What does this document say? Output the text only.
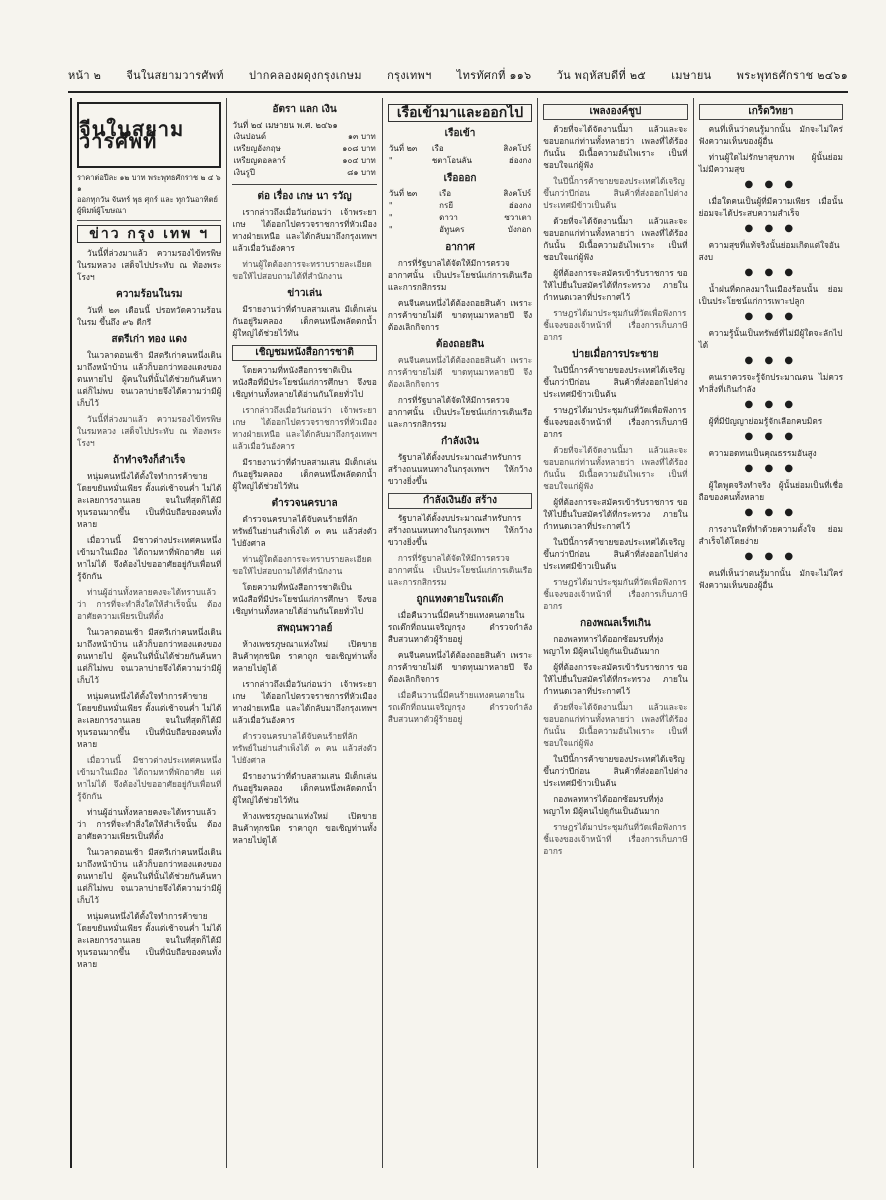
หน้า ๒ จีนในสยามวารศัพท์ ปากคลองผดุงกรุงเกษม กรุงเทพฯ ไทรทัศกที่ ๑๑๖ วัน พฤหัสบดีที่ ๒๕ เมษายน พระพุทธศักราช ๒๔๖๑
จีนในสยามวารศัพท์
ราคาต่อปีละ ๑๒ บาท พระพุทธศักราช ๒ ๔ ๖ ๑
ออกทุกวัน จันทร์ พุธ ศุกร์ และ ทุกวันอาทิตย์
ผู้พิมพ์ผู้โฆษณา
ข่าว กรุง เทพ ฯ

วันนี้ที่ล่วงมาแล้ว ความรองไข้ทรพิษในรมหลวง เสด็จไปประทับ ณ ท้องพระโรงฯ

ความร้อนในรม

วันที่ ๒๓ เดือนนี้ ปรอทวัดความร้อนในรม ขึ้นถึง ๙๖ ดีกรี

สตรีเก่า ทอง แดง

ในเวลาตอนเช้า มีสตรีเก่าคนหนึ่งเดินมาถึงหน้าบ้าน แล้วก็บอกว่าทองแดงของตนหายไป ผู้คนในที่นั้นได้ช่วยกันค้นหาแต่ก็ไม่พบ จนเวลาบ่ายจึงได้ความว่ามีผู้เก็บไว้

วันนี้ที่ล่วงมาแล้ว ความรองไข้ทรพิษในรมหลวง เสด็จไปประทับ ณ ท้องพระโรงฯ

ถ้าทำจริงก็สำเร็จ

หนุ่มคนหนึ่งได้ตั้งใจทำการค้าขายโดยขยันหมั่นเพียร ตั้งแต่เช้าจนค่ำ ไม่ได้ละเลยการงานเลย จนในที่สุดก็ได้มีทุนรอนมากขึ้น เป็นที่นับถือของคนทั้งหลาย

เมื่อวานนี้ มีชาวต่างประเทศคนหนึ่งเข้ามาในเมือง ได้ถามหาที่พักอาศัย แต่หาไม่ได้ จึงต้องไปขออาศัยอยู่กับเพื่อนที่รู้จักกัน

ท่านผู้อ่านทั้งหลายคงจะได้ทราบแล้วว่า การที่จะทำสิ่งใดให้สำเร็จนั้น ต้องอาศัยความเพียรเป็นที่ตั้ง

ในเวลาตอนเช้า มีสตรีเก่าคนหนึ่งเดินมาถึงหน้าบ้าน แล้วก็บอกว่าทองแดงของตนหายไป ผู้คนในที่นั้นได้ช่วยกันค้นหาแต่ก็ไม่พบ จนเวลาบ่ายจึงได้ความว่ามีผู้เก็บไว้

หนุ่มคนหนึ่งได้ตั้งใจทำการค้าขายโดยขยันหมั่นเพียร ตั้งแต่เช้าจนค่ำ ไม่ได้ละเลยการงานเลย จนในที่สุดก็ได้มีทุนรอนมากขึ้น เป็นที่นับถือของคนทั้งหลาย

เมื่อวานนี้ มีชาวต่างประเทศคนหนึ่งเข้ามาในเมือง ได้ถามหาที่พักอาศัย แต่หาไม่ได้ จึงต้องไปขออาศัยอยู่กับเพื่อนที่รู้จักกัน

ท่านผู้อ่านทั้งหลายคงจะได้ทราบแล้วว่า การที่จะทำสิ่งใดให้สำเร็จนั้น ต้องอาศัยความเพียรเป็นที่ตั้ง

ในเวลาตอนเช้า มีสตรีเก่าคนหนึ่งเดินมาถึงหน้าบ้าน แล้วก็บอกว่าทองแดงของตนหายไป ผู้คนในที่นั้นได้ช่วยกันค้นหาแต่ก็ไม่พบ จนเวลาบ่ายจึงได้ความว่ามีผู้เก็บไว้

หนุ่มคนหนึ่งได้ตั้งใจทำการค้าขายโดยขยันหมั่นเพียร ตั้งแต่เช้าจนค่ำ ไม่ได้ละเลยการงานเลย จนในที่สุดก็ได้มีทุนรอนมากขึ้น เป็นที่นับถือของคนทั้งหลาย

อัตรา แลก เงิน
วันที่ ๒๔ เมษายน พ.ศ. ๒๔๖๑
เงินปอนด์	๑๓ บาท
เหรียญอังกฤษ	๑๐๘ บาท
เหรียญดอลลาร์	๑๐๔ บาท
เงินรูปี	๘๑ บาท
ต่อ เรื่อง เกษ นา รวัญ

เรากล่าวถึงเมื่อวันก่อนว่า เจ้าพระยาเกษ ได้ออกไปตรวจราชการที่หัวเมืองทางฝ่ายเหนือ และได้กลับมาถึงกรุงเทพฯ แล้วเมื่อวันอังคาร

ท่านผู้ใดต้องการจะทราบรายละเอียด ขอให้ไปสอบถามได้ที่สำนักงาน

ข่าวเล่น

มีรายงานว่าที่ตำบลสามเสน มีเด็กเล่นกันอยู่ริมคลอง เด็กคนหนึ่งพลัดตกน้ำ ผู้ใหญ่ได้ช่วยไว้ทัน

เชิญชมหนังสือการชาติ

โดยความที่หนังสือการชาติเป็นหนังสือที่มีประโยชน์แก่การศึกษา จึงขอเชิญท่านทั้งหลายได้อ่านกันโดยทั่วไป

เรากล่าวถึงเมื่อวันก่อนว่า เจ้าพระยาเกษ ได้ออกไปตรวจราชการที่หัวเมืองทางฝ่ายเหนือ และได้กลับมาถึงกรุงเทพฯ แล้วเมื่อวันอังคาร

มีรายงานว่าที่ตำบลสามเสน มีเด็กเล่นกันอยู่ริมคลอง เด็กคนหนึ่งพลัดตกน้ำ ผู้ใหญ่ได้ช่วยไว้ทัน

ตำรวจนครบาล

ตำรวจนครบาลได้จับคนร้ายที่ลักทรัพย์ในย่านสำเพ็งได้ ๓ คน แล้วส่งตัวไปยังศาล

ท่านผู้ใดต้องการจะทราบรายละเอียด ขอให้ไปสอบถามได้ที่สำนักงาน

โดยความที่หนังสือการชาติเป็นหนังสือที่มีประโยชน์แก่การศึกษา จึงขอเชิญท่านทั้งหลายได้อ่านกันโดยทั่วไป

สพฤนพวาลย์

ห้างเพชรภูษณาแห่งใหม่ เปิดขายสินค้าทุกชนิด ราคาถูก ขอเชิญท่านทั้งหลายไปดูได้

เรากล่าวถึงเมื่อวันก่อนว่า เจ้าพระยาเกษ ได้ออกไปตรวจราชการที่หัวเมืองทางฝ่ายเหนือ และได้กลับมาถึงกรุงเทพฯ แล้วเมื่อวันอังคาร

ตำรวจนครบาลได้จับคนร้ายที่ลักทรัพย์ในย่านสำเพ็งได้ ๓ คน แล้วส่งตัวไปยังศาล

มีรายงานว่าที่ตำบลสามเสน มีเด็กเล่นกันอยู่ริมคลอง เด็กคนหนึ่งพลัดตกน้ำ ผู้ใหญ่ได้ช่วยไว้ทัน

ห้างเพชรภูษณาแห่งใหม่ เปิดขายสินค้าทุกชนิด ราคาถูก ขอเชิญท่านทั้งหลายไปดูได้

เรือเข้ามาและออกไป
เรือเข้า
วันที่ ๒๓	เรือ	สิงคโปร์
"	ชตาโอนลัน	ฮ่องกง
เรือออก
วันที่ ๒๓	เรือ	สิงคโปร์
"	กรยี	ฮ่องกง
"	ดาวา	ซวาเตา
"	อัทูนคร	บังกอก
อากาศ

การที่รัฐบาลได้จัดให้มีการตรวจอากาศนั้น เป็นประโยชน์แก่การเดินเรือและการกสิกรรม

คนจีนคนหนึ่งได้ต้องถอยสินค้า เพราะการค้าขายไม่ดี ขาดทุนมาหลายปี จึงต้องเลิกกิจการ

ต้องถอยสิน

คนจีนคนหนึ่งได้ต้องถอยสินค้า เพราะการค้าขายไม่ดี ขาดทุนมาหลายปี จึงต้องเลิกกิจการ

การที่รัฐบาลได้จัดให้มีการตรวจอากาศนั้น เป็นประโยชน์แก่การเดินเรือและการกสิกรรม

กำลังเงิน

รัฐบาลได้ตั้งงบประมาณสำหรับการสร้างถนนหนทางในกรุงเทพฯ ให้กว้างขวางยิ่งขึ้น

กำลังเงินยัง สร้าง

รัฐบาลได้ตั้งงบประมาณสำหรับการสร้างถนนหนทางในกรุงเทพฯ ให้กว้างขวางยิ่งขึ้น

การที่รัฐบาลได้จัดให้มีการตรวจอากาศนั้น เป็นประโยชน์แก่การเดินเรือและการกสิกรรม

ถูกแทงตายในรถเต๊ก

เมื่อคืนวานนี้มีคนร้ายแทงคนตายในรถเต๊กที่ถนนเจริญกรุง ตำรวจกำลังสืบสวนหาตัวผู้ร้ายอยู่

คนจีนคนหนึ่งได้ต้องถอยสินค้า เพราะการค้าขายไม่ดี ขาดทุนมาหลายปี จึงต้องเลิกกิจการ

เมื่อคืนวานนี้มีคนร้ายแทงคนตายในรถเต๊กที่ถนนเจริญกรุง ตำรวจกำลังสืบสวนหาตัวผู้ร้ายอยู่

เพลงองค์ชูป

ด้วยที่จะได้จัดงานนี้มา แล้วและจะขอบอกแก่ท่านทั้งหลายว่า เพลงที่ได้ร้องกันนั้น มีเนื้อความอันไพเราะ เป็นที่ชอบใจแก่ผู้ฟัง

ในปีนี้การค้าขายของประเทศได้เจริญขึ้นกว่าปีก่อน สินค้าที่ส่งออกไปต่างประเทศมีข้าวเป็นต้น

ด้วยที่จะได้จัดงานนี้มา แล้วและจะขอบอกแก่ท่านทั้งหลายว่า เพลงที่ได้ร้องกันนั้น มีเนื้อความอันไพเราะ เป็นที่ชอบใจแก่ผู้ฟัง

ผู้ที่ต้องการจะสมัครเข้ารับราชการ ขอให้ไปยื่นใบสมัครได้ที่กระทรวง ภายในกำหนดเวลาที่ประกาศไว้

ราษฎรได้มาประชุมกันที่วัดเพื่อฟังการชี้แจงของเจ้าหน้าที่ เรื่องการเก็บภาษีอากร

บ่ายเมื่อการประชาย

ในปีนี้การค้าขายของประเทศได้เจริญขึ้นกว่าปีก่อน สินค้าที่ส่งออกไปต่างประเทศมีข้าวเป็นต้น

ราษฎรได้มาประชุมกันที่วัดเพื่อฟังการชี้แจงของเจ้าหน้าที่ เรื่องการเก็บภาษีอากร

ด้วยที่จะได้จัดงานนี้มา แล้วและจะขอบอกแก่ท่านทั้งหลายว่า เพลงที่ได้ร้องกันนั้น มีเนื้อความอันไพเราะ เป็นที่ชอบใจแก่ผู้ฟัง

ผู้ที่ต้องการจะสมัครเข้ารับราชการ ขอให้ไปยื่นใบสมัครได้ที่กระทรวง ภายในกำหนดเวลาที่ประกาศไว้

ในปีนี้การค้าขายของประเทศได้เจริญขึ้นกว่าปีก่อน สินค้าที่ส่งออกไปต่างประเทศมีข้าวเป็นต้น

ราษฎรได้มาประชุมกันที่วัดเพื่อฟังการชี้แจงของเจ้าหน้าที่ เรื่องการเก็บภาษีอากร

กองพณลเร็ทเกิน

กองพลทหารได้ออกซ้อมรบที่ทุ่งพญาไท มีผู้คนไปดูกันเป็นอันมาก

ผู้ที่ต้องการจะสมัครเข้ารับราชการ ขอให้ไปยื่นใบสมัครได้ที่กระทรวง ภายในกำหนดเวลาที่ประกาศไว้

ด้วยที่จะได้จัดงานนี้มา แล้วและจะขอบอกแก่ท่านทั้งหลายว่า เพลงที่ได้ร้องกันนั้น มีเนื้อความอันไพเราะ เป็นที่ชอบใจแก่ผู้ฟัง

ในปีนี้การค้าขายของประเทศได้เจริญขึ้นกว่าปีก่อน สินค้าที่ส่งออกไปต่างประเทศมีข้าวเป็นต้น

กองพลทหารได้ออกซ้อมรบที่ทุ่งพญาไท มีผู้คนไปดูกันเป็นอันมาก

ราษฎรได้มาประชุมกันที่วัดเพื่อฟังการชี้แจงของเจ้าหน้าที่ เรื่องการเก็บภาษีอากร

เกร็ดวิทยา

คนที่เห็นว่าตนรู้มากนั้น มักจะไม่ใคร่ฟังความเห็นของผู้อื่น

ท่านผู้ใดไม่รักษาสุขภาพ ผู้นั้นย่อมไม่มีความสุข

● ● ●

เมื่อใดคนเป็นผู้ที่มีความเพียร เมื่อนั้นย่อมจะได้ประสบความสำเร็จ

● ● ●

ความสุขที่แท้จริงนั้นย่อมเกิดแต่ใจอันสงบ

● ● ●

น้ำฝนที่ตกลงมาในเมืองร้อนนั้น ย่อมเป็นประโยชน์แก่การเพาะปลูก

● ● ●

ความรู้นั้นเป็นทรัพย์ที่ไม่มีผู้ใดจะลักไปได้

● ● ●

คนเราควรจะรู้จักประมาณตน ไม่ควรทำสิ่งที่เกินกำลัง

● ● ●

ผู้ที่มีปัญญาย่อมรู้จักเลือกคบมิตร

● ● ●

ความอดทนเป็นคุณธรรมอันสูง

● ● ●

ผู้ใดพูดจริงทำจริง ผู้นั้นย่อมเป็นที่เชื่อถือของคนทั้งหลาย

● ● ●

การงานใดที่ทำด้วยความตั้งใจ ย่อมสำเร็จได้โดยง่าย

● ● ●

คนที่เห็นว่าตนรู้มากนั้น มักจะไม่ใคร่ฟังความเห็นของผู้อื่น
